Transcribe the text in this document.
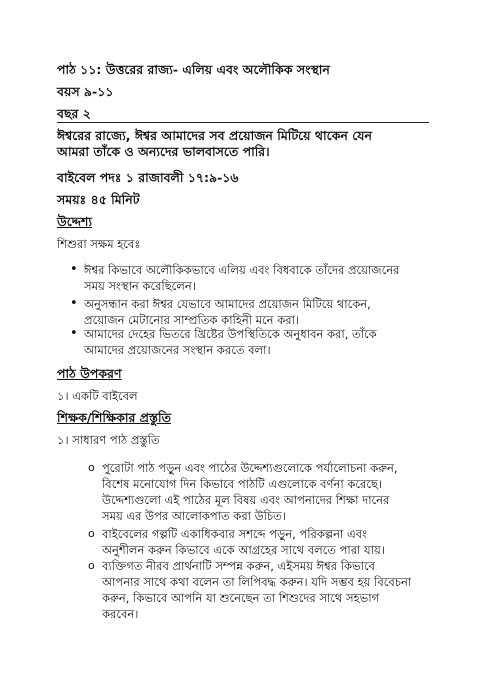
পাঠ ১১: উত্তরের রাজ্য- এলিয় এবং অলৌকিক সংস্থান
বয়স ৯-১১
বছর ২
ঈশ্বরের রাজ্যে, ঈশ্বর আমাদের সব প্রয়োজন মিটিয়ে থাকেন যেন
আমরা তাঁকে ও অন্যদের ভালবাসতে পারি।
বাইবেল পদঃ ১ রাজাবলী ১৭:৯-১৬
সময়ঃ ৪৫ মিনিট
উদ্দেশ্য
শিশুরা সক্ষম হবেঃ
• ঈশ্বর কিভাবে অলৌকিকভাবে এলিয় এবং বিধবাকে তাঁদের প্রয়োজনের
সময় সংস্থান করেছিলেন।
• অনুসন্ধান করা ঈশ্বর যেভাবে আমাদের প্রয়োজন মিটিয়ে থাকেন,
প্রয়োজন মেটানোর সাম্প্রতিক কাহিনী মনে করা।
• আমাদের দেহের ভিতরে খ্রিষ্টের উপস্থিতিকে অনুধাবন করা, তাঁকে
আমাদের প্রয়োজনের সংস্থান করতে বলা।
পাঠ উপকরণ
১। একটি বাইবেল
শিক্ষক/শিক্ষিকার প্রস্তুতি
১। সাধারণ পাঠ প্রস্তুতি
o পুরোটা পাঠ পড়ুন এবং পাঠের উদ্দেশ্যগুলোকে পর্যালোচনা করুন,
বিশেষ মনোযোগ দিন কিভাবে পাঠটি এগুলোকে বর্ণনা করেছে।
উদ্দেশ্যগুলো এই পাঠের মূল বিষয় এবং আপনাদের শিক্ষা দানের
সময় এর উপর আলোকপাত করা উচিত।
o বাইবেলের গল্পটি একাধিকবার সশব্দে পড়ুন, পরিকল্পনা এবং
অনুশীলন করুন কিভাবে একে আগ্রহের সাথে বলতে পারা যায়।
o ব্যক্তিগত নীরব প্রার্থনাটি সম্পন্ন করুন, এইসময় ঈশ্বর কিভাবে
আপনার সাথে কথা বলেন তা লিপিবদ্ধ করুন। যদি সম্ভব হয় বিবেচনা
করুন, কিভাবে আপনি যা শুনেছেন তা শিশুদের সাথে সহভাগ
করবেন।
